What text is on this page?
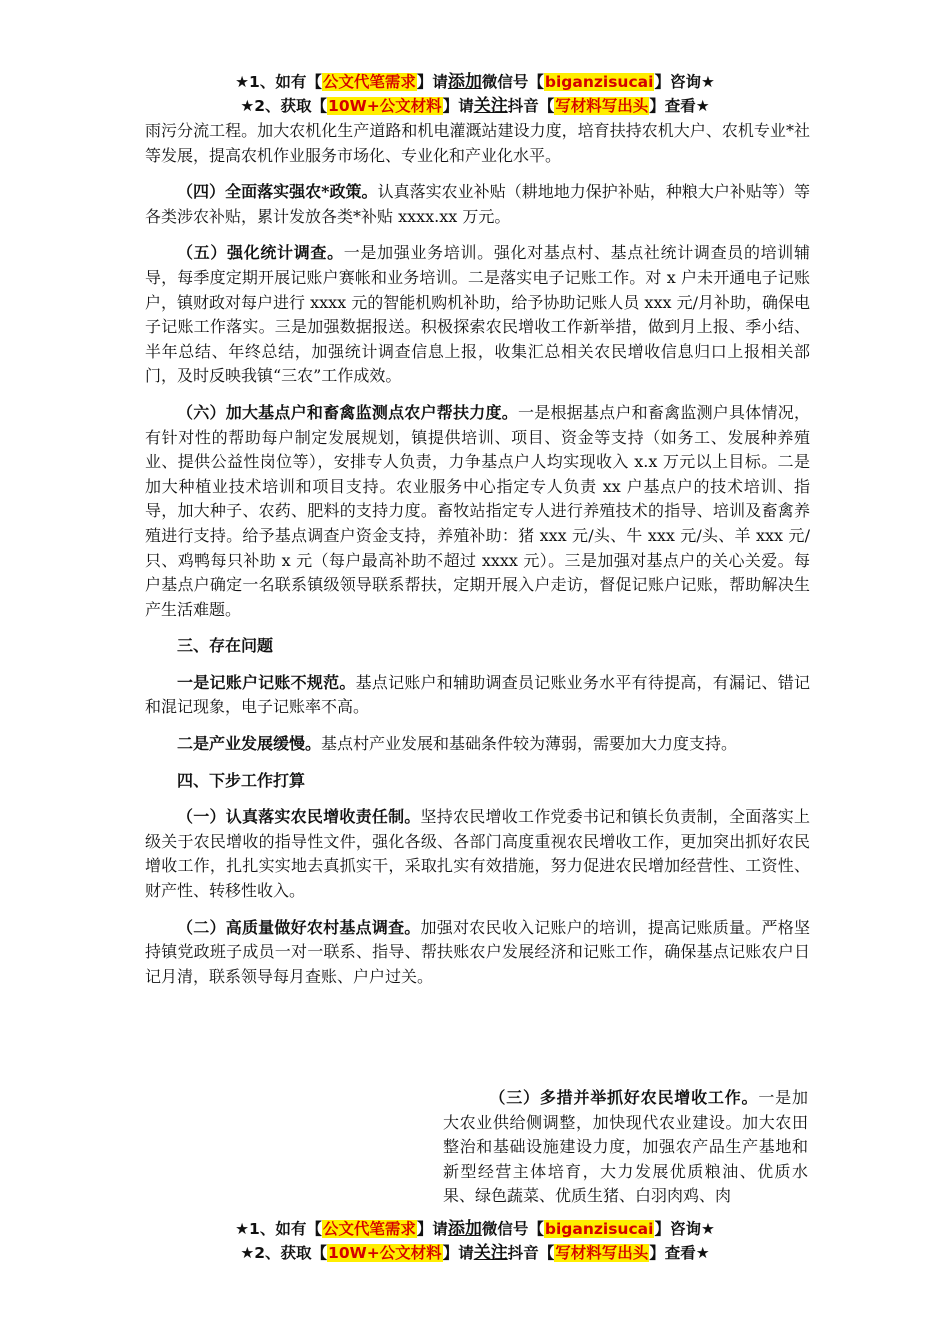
★1、如有【公文代笔需求】请添加微信号【biganzisucai】咨询★
★2、获取【10W+公文材料】请关注抖音【写材料写出头】查看★

雨污分流工程。加大农机化生产道路和机电灌溉站建设力度，培育扶持农机大户、农机专业*社等发展，提高农机作业服务市场化、专业化和产业化水平。

（四）全面落实强农*政策。认真落实农业补贴（耕地地力保护补贴，种粮大户补贴等）等各类涉农补贴，累计发放各类*补贴 xxxx.xx 万元。

（五）强化统计调查。一是加强业务培训。强化对基点村、基点社统计调查员的培训辅导，每季度定期开展记账户赛帐和业务培训。二是落实电子记账工作。对 x 户未开通电子记账户，镇财政对每户进行 xxxx 元的智能机购机补助，给予协助记账人员 xxx 元/月补助，确保电子记账工作落实。三是加强数据报送。积极探索农民增收工作新举措，做到月上报、季小结、半年总结、年终总结，加强统计调查信息上报，收集汇总相关农民增收信息归口上报相关部门，及时反映我镇“三农”工作成效。

（六）加大基点户和畜禽监测点农户帮扶力度。一是根据基点户和畜禽监测户具体情况，有针对性的帮助每户制定发展规划，镇提供培训、项目、资金等支持（如务工、发展种养殖业、提供公益性岗位等），安排专人负责，力争基点户人均实现收入 x.x 万元以上目标。二是加大种植业技术培训和项目支持。农业服务中心指定专人负责 xx 户基点户的技术培训、指导，加大种子、农药、肥料的支持力度。畜牧站指定专人进行养殖技术的指导、培训及畜禽养殖进行支持。给予基点调查户资金支持，养殖补助：猪 xxx 元/头、牛 xxx 元/头、羊 xxx 元/只、鸡鸭每只补助 x 元（每户最高补助不超过 xxxx 元）。三是加强对基点户的关心关爱。每户基点户确定一名联系镇级领导联系帮扶，定期开展入户走访，督促记账户记账，帮助解决生产生活难题。

三、存在问题

一是记账户记账不规范。基点记账户和辅助调查员记账业务水平有待提高，有漏记、错记和混记现象，电子记账率不高。

二是产业发展缓慢。基点村产业发展和基础条件较为薄弱，需要加大力度支持。

四、下步工作打算

（一）认真落实农民增收责任制。坚持农民增收工作党委书记和镇长负责制，全面落实上级关于农民增收的指导性文件，强化各级、各部门高度重视农民增收工作，更加突出抓好农民增收工作，扎扎实实地去真抓实干，采取扎实有效措施，努力促进农民增加经营性、工资性、财产性、转移性收入。

（二）高质量做好农村基点调查。加强对农民收入记账户的培训，提高记账质量。严格坚持镇党政班子成员一对一联系、指导、帮扶账农户发展经济和记账工作，确保基点记账农户日记月清，联系领导每月查账、户户过关。

（三）多措并举抓好农民增收工作。一是加大农业供给侧调整，加快现代农业建设。加大农田整治和基础设施建设力度，加强农产品生产基地和新型经营主体培育，大力发展优质粮油、优质水果、绿色蔬菜、优质生猪、白羽肉鸡、肉

★1、如有【公文代笔需求】请添加微信号【biganzisucai】咨询★
★2、获取【10W+公文材料】请关注抖音【写材料写出头】查看★
